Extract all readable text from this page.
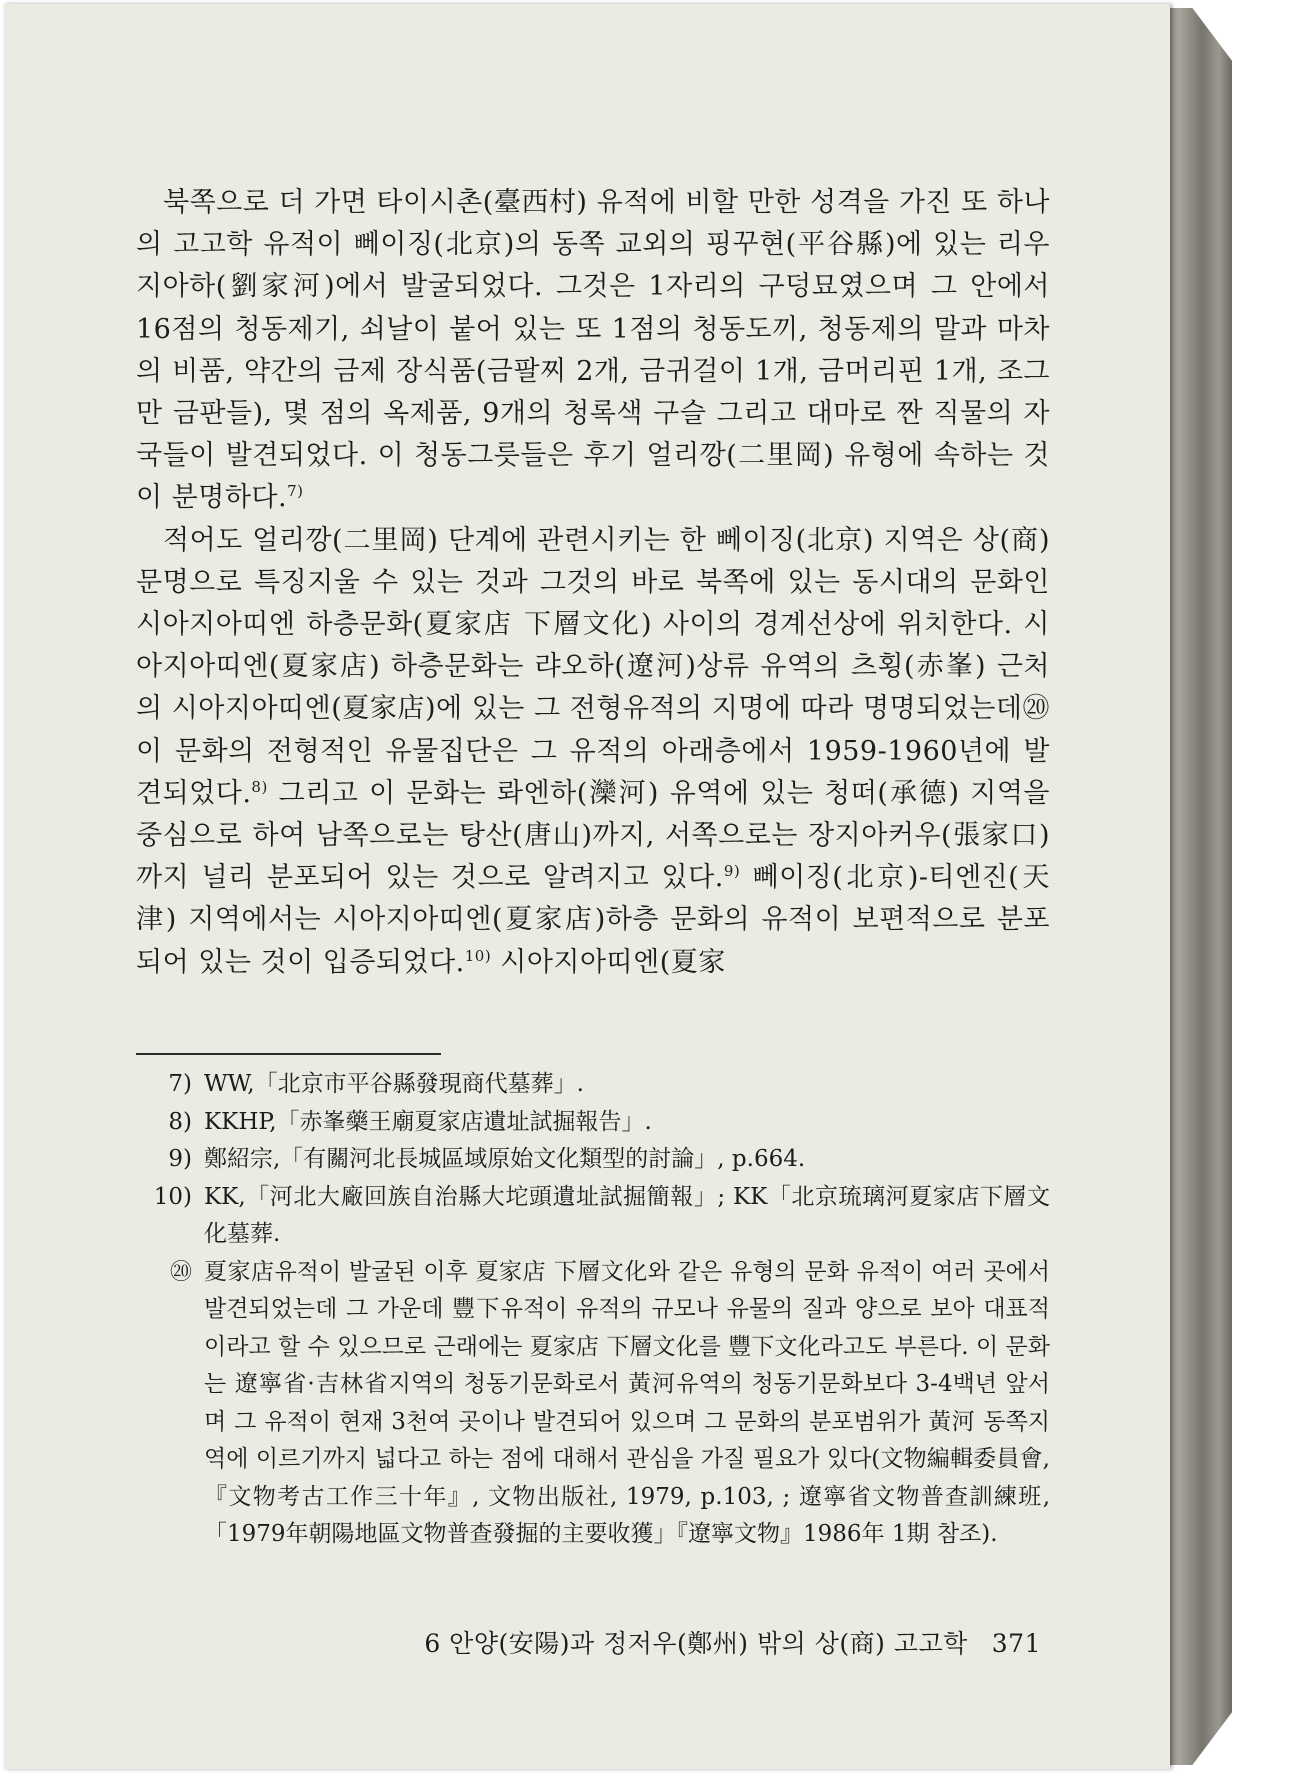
북쪽으로 더 가면 타이시촌(臺西村) 유적에 비할 만한 성격을 가진 또 하나의 고고학 유적이 뻬이징(北京)의 동쪽 교외의 핑꾸현(平谷縣)에 있는 리우지아하(劉家河)에서 발굴되었다. 그것은 1자리의 구덩묘였으며 그 안에서 16점의 청동제기, 쇠날이 붙어 있는 또 1점의 청동도끼, 청동제의 말과 마차의 비품, 약간의 금제 장식품(금팔찌 2개, 금귀걸이 1개, 금머리핀 1개, 조그만 금판들), 몇 점의 옥제품, 9개의 청록색 구슬 그리고 대마로 짠 직물의 자국들이 발견되었다. 이 청동그릇들은 후기 얼리깡(二里岡) 유형에 속하는 것이 분명하다.$^{7)}$

적어도 얼리깡(二里岡) 단계에 관련시키는 한 뻬이징(北京) 지역은 상(商)문명으로 특징지울 수 있는 것과 그것의 바로 북쪽에 있는 동시대의 문화인 시아지아띠엔 하층문화(夏家店 下層文化) 사이의 경계선상에 위치한다. 시아지아띠엔(夏家店) 하층문화는 랴오하(遼河)상류 유역의 츠횡(赤峯) 근처의 시아지아띠엔(夏家店)에 있는 그 전형유적의 지명에 따라 명명되었는데⑳ 이 문화의 전형적인 유물집단은 그 유적의 아래층에서 1959-1960년에 발견되었다.$^{8)}$ 그리고 이 문화는 롸엔하(灤河) 유역에 있는 청떠(承德) 지역을 중심으로 하여 남쪽으로는 탕산(唐山)까지, 서쪽으로는 장지아커우(張家口)까지 널리 분포되어 있는 것으로 알려지고 있다.$^{9)}$ 뻬이징(北京)-티엔진(天津) 지역에서는 시아지아띠엔(夏家店)하층 문화의 유적이 보편적으로 분포되어 있는 것이 입증되었다.$^{10)}$ 시아지아띠엔(夏家

7) WW,「北京市平谷縣發現商代墓葬」.
8) KKHP,「赤峯藥王廟夏家店遺址試掘報告」.
9) 鄭紹宗,「有關河北長城區域原始文化類型的討論」, p.664.
10) KK,「河北大廠回族自治縣大坨頭遺址試掘簡報」; KK「北京琉璃河夏家店下層文化墓葬.
⑳ 夏家店유적이 발굴된 이후 夏家店 下層文化와 같은 유형의 문화 유적이 여러 곳에서 발견되었는데 그 가운데 豐下유적이 유적의 규모나 유물의 질과 양으로 보아 대표적이라고 할 수 있으므로 근래에는 夏家店 下層文化를 豐下文化라고도 부른다. 이 문화는 遼寧省·吉林省지역의 청동기문화로서 黃河유역의 청동기문화보다 3-4백년 앞서며 그 유적이 현재 3천여 곳이나 발견되어 있으며 그 문화의 분포범위가 黃河 동쪽지역에 이르기까지 넓다고 하는 점에 대해서 관심을 가질 필요가 있다(文物編輯委員會,『文物考古工作三十年』, 文物出版社, 1979, p.103, ; 遼寧省文物普查訓練班,「1979年朝陽地區文物普查發掘的主要收獲」『遼寧文物』1986年 1期 참조).
6 안양(安陽)과 정저우(鄭州) 밖의 상(商) 고고학 371
